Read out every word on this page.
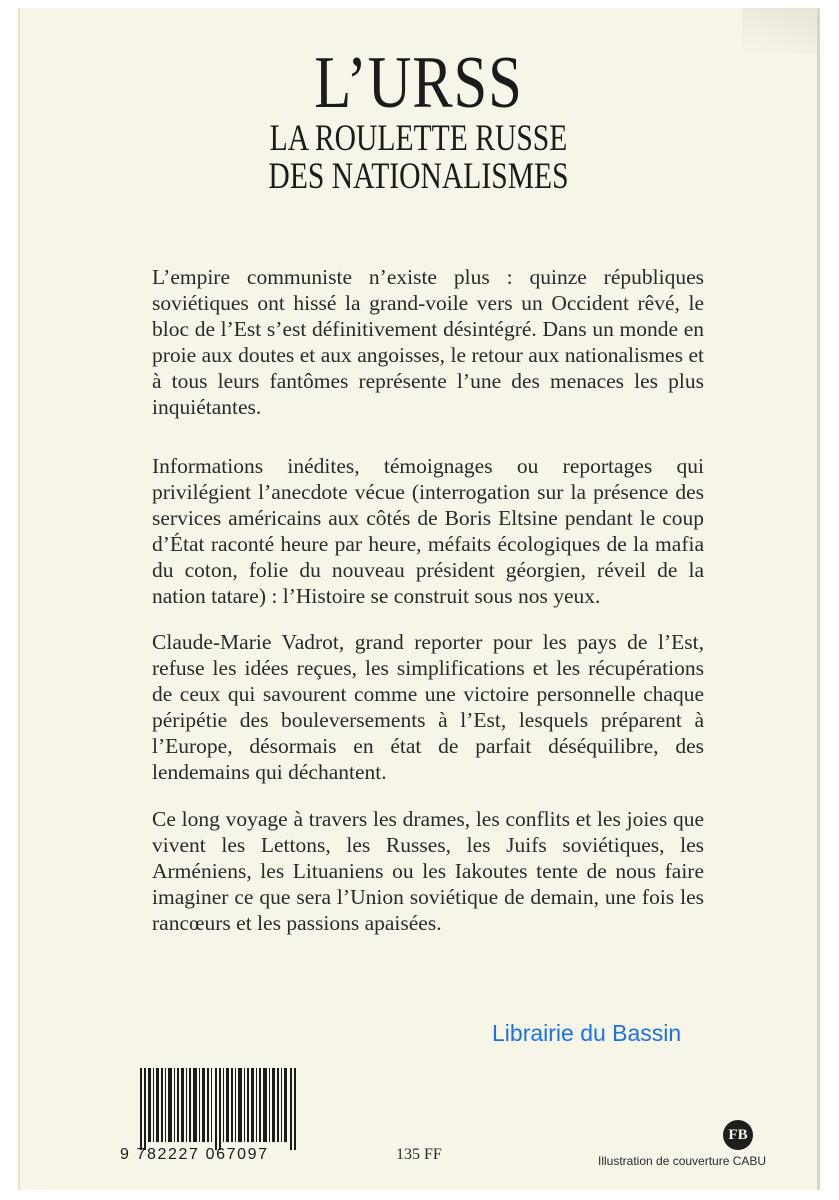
L’URSS
LA ROULETTE RUSSE
DES NATIONALISMES

L’empire communiste n’existe plus : quinze républiques soviétiques ont hissé la grand-voile vers un Occident rêvé, le bloc de l’Est s’est définitivement désintégré. Dans un monde en proie aux doutes et aux angoisses, le retour aux nationalismes et à tous leurs fantômes représente l’une des menaces les plus inquiétantes.

Informations inédites, témoignages ou reportages qui privilégient l’anecdote vécue (interrogation sur la présence des services américains aux côtés de Boris Eltsine pendant le coup d’État raconté heure par heure, méfaits écologiques de la mafia du coton, folie du nouveau président géorgien, réveil de la nation tatare) : l’Histoire se construit sous nos yeux.

Claude-Marie Vadrot, grand reporter pour les pays de l’Est, refuse les idées reçues, les simplifications et les récupérations de ceux qui savourent comme une victoire personnelle chaque péripétie des bouleversements à l’Est, lesquels préparent à l’Europe, désormais en état de parfait déséquilibre, des lendemains qui déchantent.

Ce long voyage à travers les drames, les conflits et les joies que vivent les Lettons, les Russes, les Juifs soviétiques, les Arméniens, les Lituaniens ou les Iakoutes tente de nous faire imaginer ce que sera l’Union soviétique de demain, une fois les rancœurs et les passions apaisées.

Librairie du Bassin
9 782227 067097	135 FF
FB
Illustration de couverture CABU
